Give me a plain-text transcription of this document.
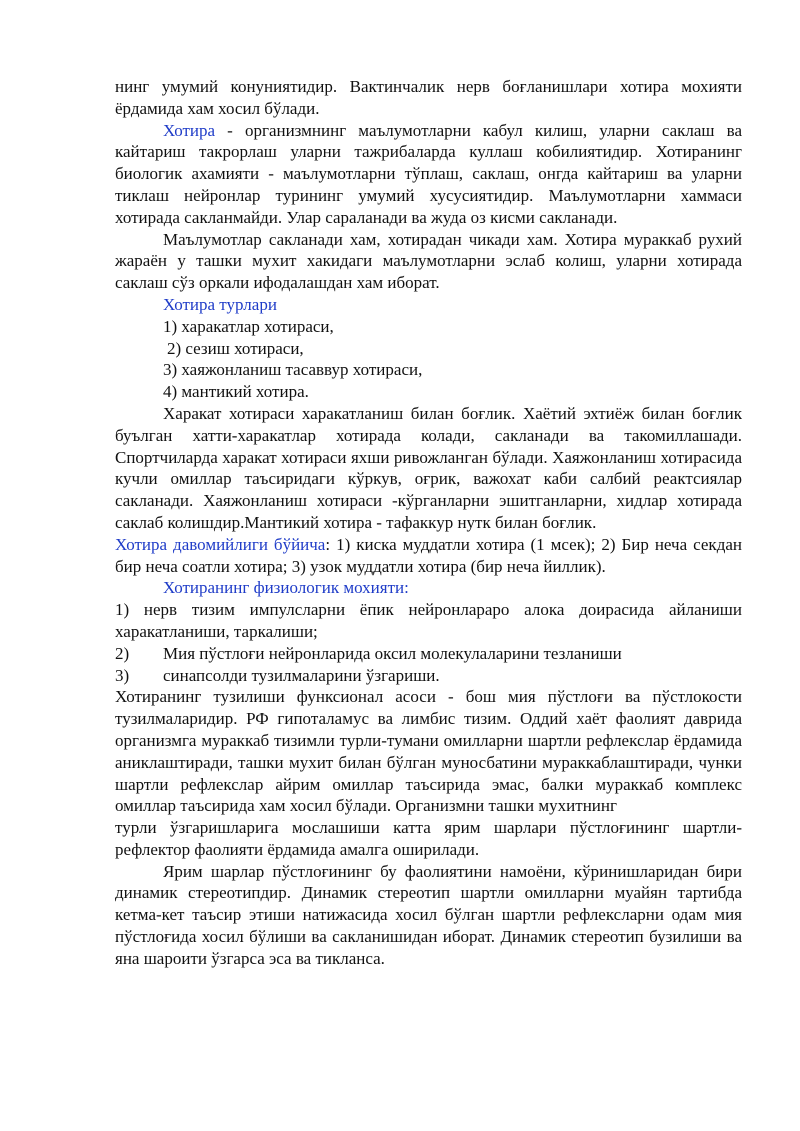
нинг умумий конуниятидир. Вактинчалик нерв боғланишлари хотира мохияти ёрдамида хам хосил бўлади.

Хотира - организмнинг маълумотларни кабул килиш, уларни саклаш ва кайтариш такрорлаш уларни тажрибаларда куллаш кобилиятидир. Хотиранинг биологик ахамияти - маълумотларни тўплаш, саклаш, онгда кайтариш ва уларни тиклаш нейронлар турининг умумий хусусиятидир. Маълумотларни хаммаси хотирада сакланмайди. Улар сараланади ва жуда оз кисми сакланади.

Маълумотлар сакланади хам, хотирадан чикади хам. Хотира мураккаб рухий жараён у ташки мухит хакидаги маълумотларни эслаб колиш, уларни хотирада саклаш сўз оркали ифодалашдан хам иборат.

Хотира турлари

1) харакатлар хотираси,

2) сезиш хотираси,

3) хаяжонланиш тасаввур хотираси,

4) мантикий хотира.

Харакат хотираси харакатланиш билан боғлик. Хаётий эхтиёж билан боғлик буълган хатти-харакатлар хотирада колади, сакланади ва такомиллашади. Спортчиларда харакат хотираси яхши ривожланган бўлади. Хаяжонланиш хотирасида кучли омиллар таъсиридаги кўркув, оғрик, важохат каби салбий реактсиялар сакланади. Хаяжонланиш хотираси -кўрганларни эшитганларни, хидлар хотирада саклаб колишдир.Мантикий хотира - тафаккур нутк билан боғлик.

Хотира давомийлиги бўйича: 1) киска муддатли хотира (1 мсек); 2) Бир неча секдан бир неча соатли хотира; 3) узок муддатли хотира (бир неча йиллик).

Хотиранинг физиологик мохияти:

1) нерв тизим импулсларни ёпик нейронлараро алока доирасида айланиши харакатланиши, таркалиши;

2)	Мия пўстлоғи нейронларида оксил молекулаларини тезланиши

3)	синапсолди тузилмаларини ўзгариши.

Хотиранинг тузилиши функсионал асоси - бош мия пўстлоғи ва пўстлокости тузилмаларидир. РФ гипоталамус ва лимбис тизим. Оддий хаёт фаолият даврида организмга мураккаб тизимли турли-тумани омилларни шартли рефлекслар ёрдамида аниклаштиради, ташки мухит билан бўлган муносбатини мураккаблаштиради, чунки шартли рефлекслар айрим омиллар таъсирида эмас, балки мураккаб комплекс омиллар таъсирида хам хосил бўлади. Организмни ташки мухитнинг

турли ўзгаришларига мослашиши катта ярим шарлари пўстлоғининг шартли-рефлектор фаолияти ёрдамида амалга оширилади.

Ярим шарлар пўстлоғининг бу фаолиятини намоёни, кўринишларидан бири динамик стереотипдир. Динамик стереотип шартли омилларни муайян тартибда кетма-кет таъсир этиши натижасида хосил бўлган шартли рефлексларни одам мия пўстлоғида хосил бўлиши ва сакланишидан иборат. Динамик стереотип бузилиши ва яна шароити ўзгарса эса ва тикланса.
